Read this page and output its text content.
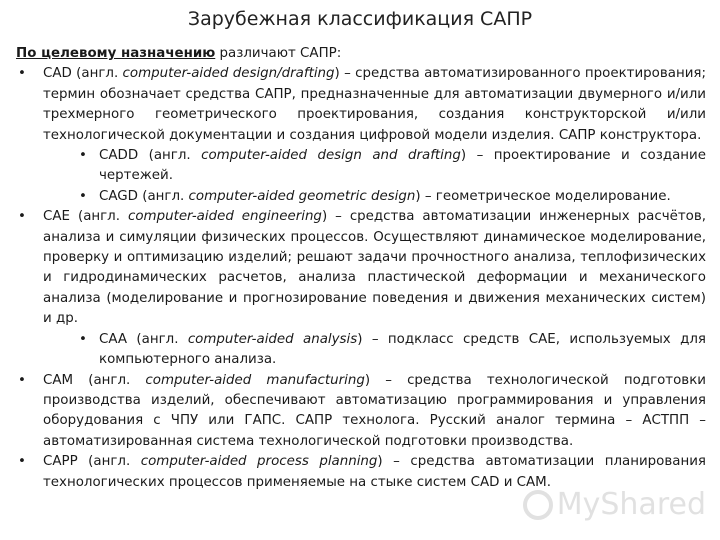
Зарубежная классификация САПР

По целевому назначению различают САПР:

• CAD (англ. computer-aided design/drafting) – средства автоматизированного проектирования; термин обозначает средства САПР, предназначенные для автоматизации двумерного и/или трехмерного геометрического проектирования, создания конструкторской и/или технологической документации и создания цифровой модели изделия. САПР конструктора.
• CADD (англ. computer-aided design and drafting) – проектирование и создание чертежей.
• CAGD (англ. computer-aided geometric design) – геометрическое моделирование.
• CAE (англ. computer-aided engineering) – средства автоматизации инженерных расчётов, анализа и симуляции физических процессов. Осуществляют динамическое моделирование, проверку и оптимизацию изделий; решают задачи прочностного анализа, теплофизических и гидродинамических расчетов, анализа пластической деформации и механического анализа (моделирование и прогнозирование поведения и движения механических систем) и др.
• CAA (англ. computer-aided analysis) – подкласс средств CAE, используемых для компьютерного анализа.
• CAM (англ. computer-aided manufacturing) – средства технологической подготовки производства изделий, обеспечивают автоматизацию программирования и управления оборудования с ЧПУ или ГАПС. САПР технолога. Русский аналог термина – АСТПП – автоматизированная система технологической подготовки производства.
• CAPP (англ. computer-aided process planning) – средства автоматизации планирования технологических процессов применяемые на стыке систем CAD и CAM.
MyShared
